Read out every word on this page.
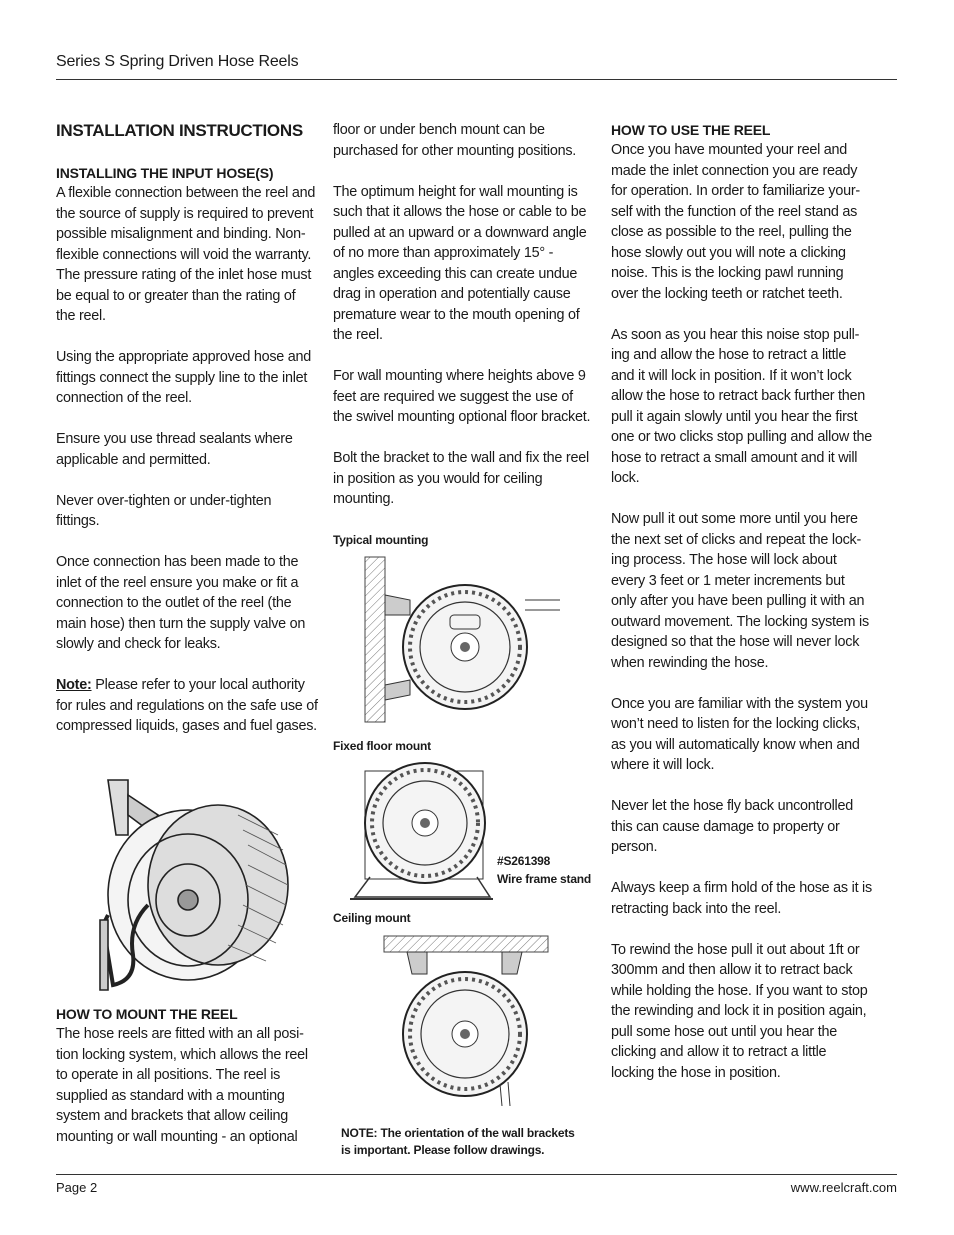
Series S Spring Driven Hose Reels
INSTALLATION INSTRUCTIONS
INSTALLING THE INPUT HOSE(S)

A flexible connection between the reel and the source of supply is required to prevent possible misalignment and binding. Non-flexible connections will void the warranty. The pressure rating of the inlet hose must be equal to or greater than the rating of the reel.

Using the appropriate approved hose and fittings connect the supply line to the inlet connection of the reel.

Ensure you use thread sealants where applicable and permitted.

Never over-tighten or under-tighten fittings.

Once connection has been made to the inlet of the reel ensure you make or fit a connection to the outlet of the reel (the main hose) then turn the supply valve on slowly and check for leaks.

Note: Please refer to your local authority for rules and regulations on the safe use of compressed liquids, gases and fuel gases.

HOW TO MOUNT THE REEL

The hose reels are fitted with an all posi-tion locking system, which allows the reel to operate in all positions. The reel is supplied as standard with a mounting system and brackets that allow ceiling mounting or wall mounting - an optional

floor or under bench mount can be purchased for other mounting positions.

The optimum height for wall mounting is such that it allows the hose or cable to be pulled at an upward or a downward angle of no more than approximately 15° - angles exceeding this can create undue drag in operation and potentially cause premature wear to the mouth opening of the reel.

For wall mounting where heights above 9 feet are required we suggest the use of the swivel mounting optional floor bracket.

Bolt the bracket to the wall and fix the reel in position as you would for ceiling mounting.

Typical mounting
Fixed floor mount
#S261398
Wire frame stand
Ceiling mount
NOTE: The orientation of the wall brackets
is important. Please follow drawings.
HOW TO USE THE REEL

Once you have mounted your reel and made the inlet connection you are ready for operation. In order to familiarize your-self with the function of the reel stand as close as possible to the reel, pulling the hose slowly out you will note a clicking noise. This is the locking pawl running over the locking teeth or ratchet teeth.

As soon as you hear this noise stop pull-ing and allow the hose to retract a little and it will lock in position. If it won’t lock allow the hose to retract back further then pull it again slowly until you hear the first one or two clicks stop pulling and allow the hose to retract a small amount and it will lock.

Now pull it out some more until you here the next set of clicks and repeat the lock-ing process. The hose will lock about every 3 feet or 1 meter increments but only after you have been pulling it with an outward movement. The locking system is designed so that the hose will never lock when rewinding the hose.

Once you are familiar with the system you won’t need to listen for the locking clicks, as you will automatically know when and where it will lock.

Never let the hose fly back uncontrolled this can cause damage to property or person.

Always keep a firm hold of the hose as it is retracting back into the reel.

To rewind the hose pull it out about 1ft or 300mm and then allow it to retract back while holding the hose. If you want to stop the rewinding and lock it in position again, pull some hose out until you hear the clicking and allow it to retract a little locking the hose in position.

Page 2	www.reelcraft.com
